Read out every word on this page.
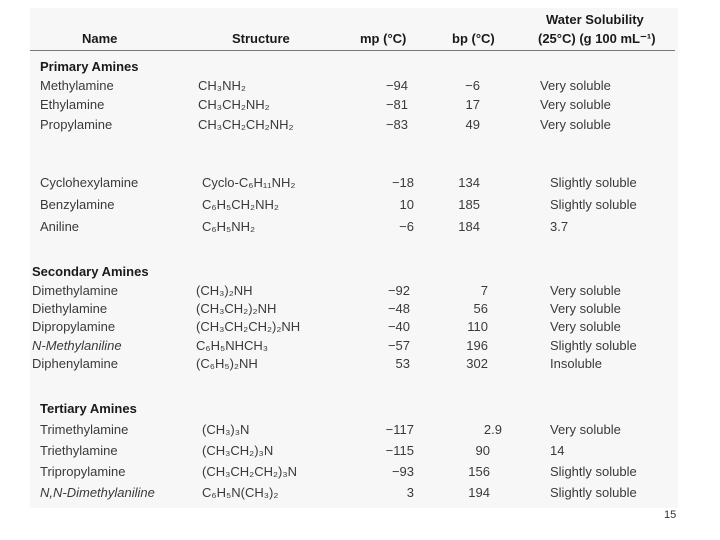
Name	Structure	mp (°C)	bp (°C)
Water Solubility
(25°C) (g 100 mL⁻¹)
Primary Amines
Methylamine	CH₃NH₂	−94	−6	Very soluble
Ethylamine	CH₃CH₂NH₂	−81	17	Very soluble
Propylamine	CH₃CH₂CH₂NH₂	−83	49	Very soluble
Cyclohexylamine	Cyclo-C₆H₁₁NH₂	−18	134	Slightly soluble
Benzylamine	C₆H₅CH₂NH₂	10	185	Slightly soluble
Aniline	C₆H₅NH₂	−6	184	3.7
Secondary Amines
Dimethylamine	(CH₃)₂NH	−92	7	Very soluble
Diethylamine	(CH₃CH₂)₂NH	−48	56	Very soluble
Dipropylamine	(CH₃CH₂CH₂)₂NH	−40	110	Very soluble
N-Methylaniline	C₆H₅NHCH₃	−57	196	Slightly soluble
Diphenylamine	(C₆H₅)₂NH	53	302	Insoluble
Tertiary Amines
Trimethylamine	(CH₃)₃N	−117	2.9	Very soluble
Triethylamine	(CH₃CH₂)₃N	−115	90	14
Tripropylamine	(CH₃CH₂CH₂)₃N	−93	156	Slightly soluble
N,N-Dimethylaniline	C₆H₅N(CH₃)₂	3	194	Slightly soluble
15
